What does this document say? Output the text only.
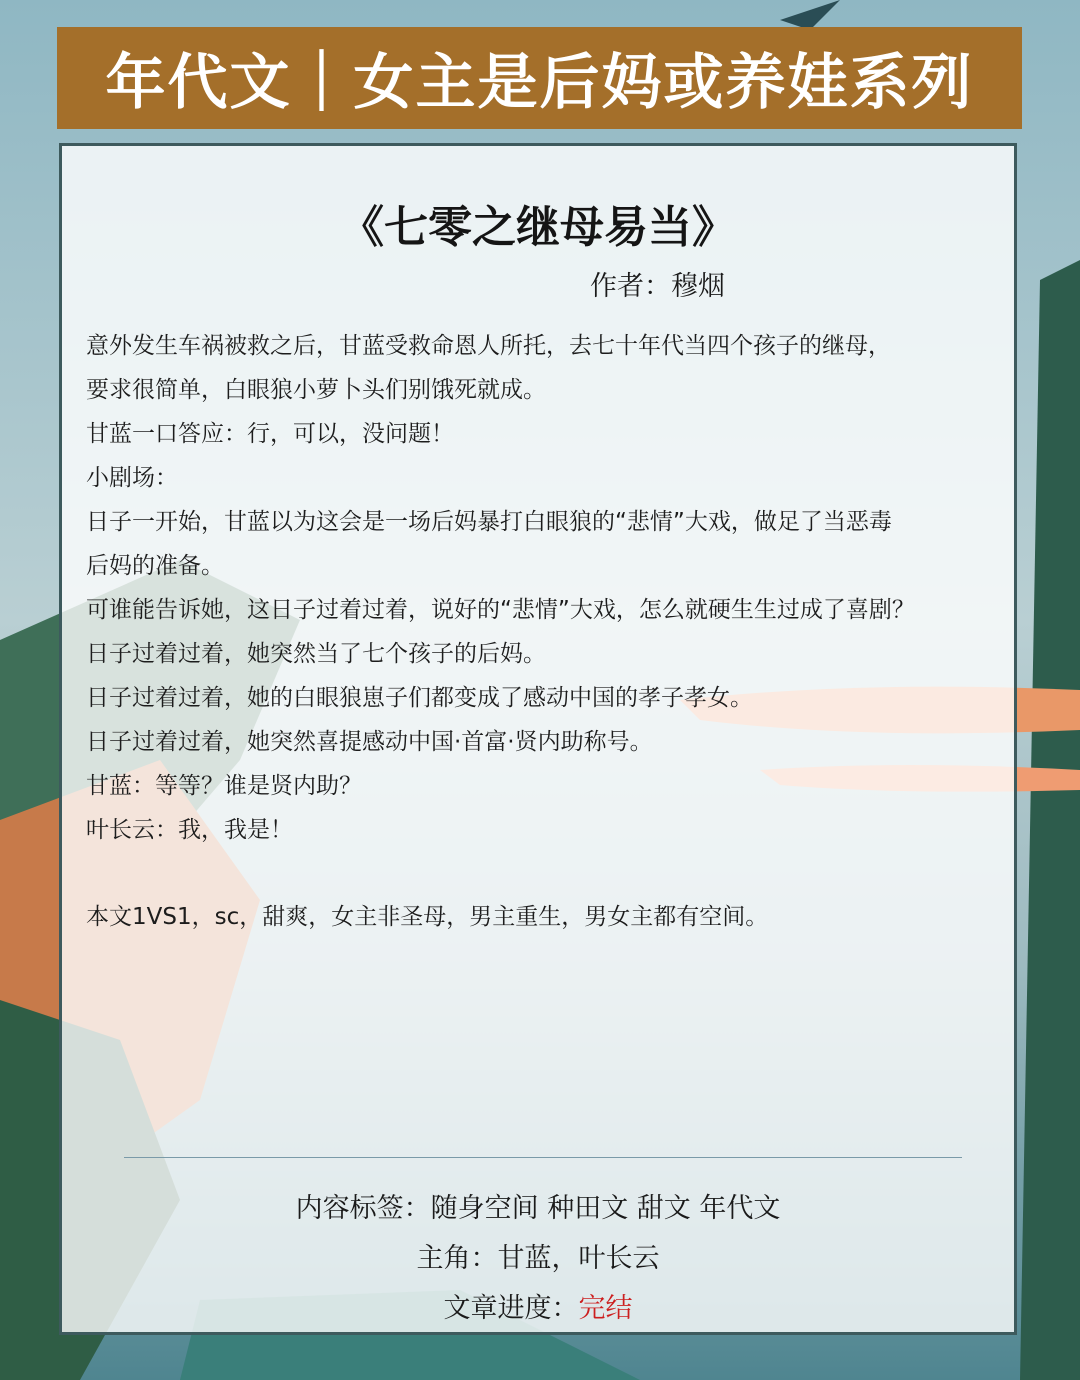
年代文｜女主是后妈或养娃系列
《七零之继母易当》
作者：穆烟
意外发生车祸被救之后，甘蓝受救命恩人所托，去七十年代当四个孩子的继母，
要求很简单，白眼狼小萝卜头们别饿死就成。
甘蓝一口答应：行，可以，没问题！
小剧场：
日子一开始，甘蓝以为这会是一场后妈暴打白眼狼的“悲情”大戏，做足了当恶毒
后妈的准备。
可谁能告诉她，这日子过着过着，说好的“悲情”大戏，怎么就硬生生过成了喜剧？
日子过着过着，她突然当了七个孩子的后妈。
日子过着过着，她的白眼狼崽子们都变成了感动中国的孝子孝女。
日子过着过着，她突然喜提感动中国·首富·贤内助称号。
甘蓝：等等？谁是贤内助？
叶长云：我，我是！
本文1VS1，sc，甜爽，女主非圣母，男主重生，男女主都有空间。
内容标签：随身空间 种田文 甜文 年代文
主角：甘蓝，叶长云
文章进度：完结
